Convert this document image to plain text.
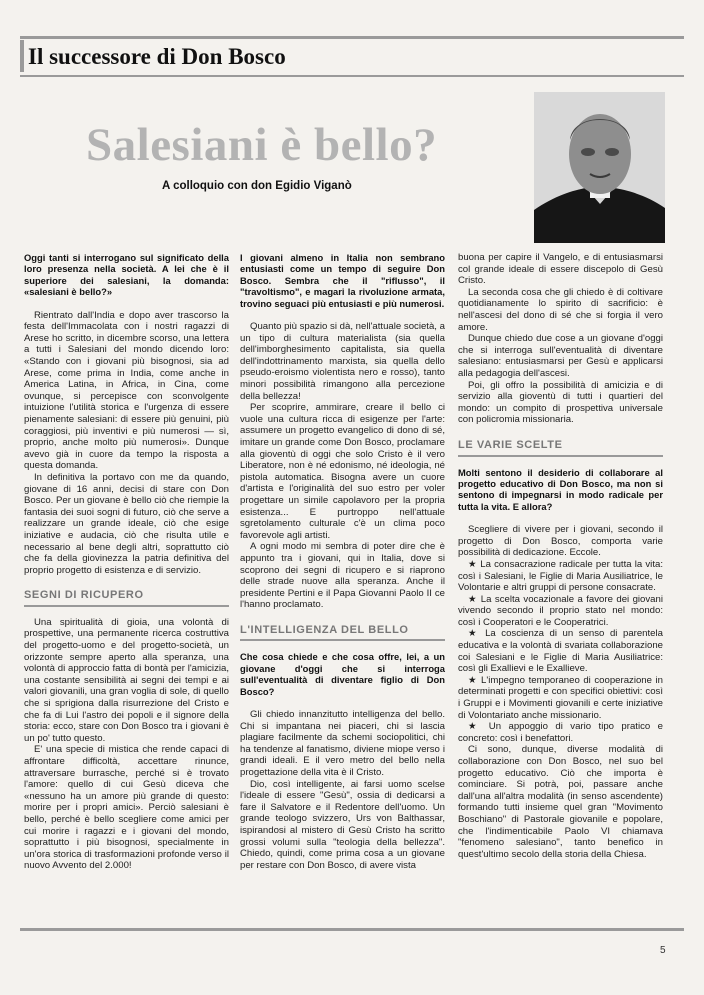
Il successore di Don Bosco
Salesiani è bello?
A colloquio con don Egidio Viganò

Oggi tanti si interrogano sul significato della loro presenza nella società. A lei che è il superiore dei salesiani, la domanda: «salesiani è bello?»

Rientrato dall'India e dopo aver trascorso la festa dell'Immacolata con i nostri ragazzi di Arese ho scritto, in dicembre scorso, una lettera a tutti i Salesiani del mondo dicendo loro: «Stando con i giovani più bisognosi, sia ad Arese, come prima in India, come anche in America Latina, in Africa, in Cina, come ovunque, si percepisce con sconvolgente intuizione l'utilità storica e l'urgenza di essere pienamente salesiani: di essere più genuini, più coraggiosi, più inventivi e più numerosi — sì, proprio, anche molto più numerosi». Dunque avevo già in cuore da tempo la risposta a questa domanda.

In definitiva la portavo con me da quando, giovane di 16 anni, decisi di stare con Don Bosco. Per un giovane è bello ciò che riempie la fantasia dei suoi sogni di futuro, ciò che serve a realizzare un grande ideale, ciò che esige iniziative e audacia, ciò che risulta utile e necessario al bene degli altri, soprattutto ciò che fa della giovinezza la patria definitiva del proprio progetto di esistenza e di servizio.

SEGNI DI RICUPERO

Una spiritualità di gioia, una volontà di prospettive, una permanente ricerca costruttiva del progetto-uomo e del progetto-società, un orizzonte sempre aperto alla speranza, una volontà di approccio fatta di bontà per l'amicizia, una costante sensibilità ai segni dei tempi e ai valori giovanili, una gran voglia di sole, di quello che si sprigiona dalla risurrezione del Cristo e che fa di Lui l'astro dei popoli e il signore della storia: ecco, stare con Don Bosco tra i giovani è un po' tutto questo.

E' una specie di mistica che rende capaci di affrontare difficoltà, accettare rinunce, attraversare burrasche, perché si è trovato l'amore: quello di cui Gesù diceva che «nessuno ha un amore più grande di questo: morire per i propri amici». Perciò salesiani è bello, perché è bello scegliere come amici per cui morire i ragazzi e i giovani del mondo, soprattutto i più bisognosi, specialmente in un'ora storica di trasformazioni profonde verso il nuovo Avvento del 2.000!

I giovani almeno in Italia non sembrano entusiasti come un tempo di seguire Don Bosco. Sembra che il "riflusso", il "travoltismo", e magari la rivoluzione armata, trovino seguaci più entusiasti e più numerosi.

Quanto più spazio si dà, nell'attuale società, a un tipo di cultura materialista (sia quella dell'imborghesimento capitalista, sia quella dell'indottrinamento marxista, sia quella dello pseudo-eroismo violentista nero e rosso), tanto minori possibilità rimangono alla percezione della bellezza!

Per scoprire, ammirare, creare il bello ci vuole una cultura ricca di esigenze per l'arte: assumere un progetto evangelico di dono di sé, imitare un grande come Don Bosco, proclamare alla gioventù di oggi che solo Cristo è il vero Liberatore, non è né edonismo, né ideologia, né pistola automatica. Bisogna avere un cuore d'artista e l'originalità del suo estro per voler progettare un simile capolavoro per la propria esistenza... E purtroppo nell'attuale sgretolamento culturale c'è un clima poco favorevole agli artisti.

A ogni modo mi sembra di poter dire che è appunto tra i giovani, qui in Italia, dove si scoprono dei segni di ricupero e si riaprono delle strade nuove alla speranza. Anche il presidente Pertini e il Papa Giovanni Paolo II ce l'hanno proclamato.

L'INTELLIGENZA DEL BELLO

Che cosa chiede e che cosa offre, lei, a un giovane d'oggi che si interroga sull'eventualità di diventare figlio di Don Bosco?

Gli chiedo innanzitutto intelligenza del bello. Chi si impantana nei piaceri, chi si lascia plagiare facilmente da schemi sociopolitici, chi ha tendenze al fanatismo, diviene miope verso i grandi ideali. E il vero metro del bello nella progettazione della vita è il Cristo.

Dio, così intelligente, ai farsi uomo scelse l'ideale di essere "Gesù", ossia di dedicarsi a fare il Salvatore e il Redentore dell'uomo. Un grande teologo svizzero, Urs von Balthassar, ispirandosi al mistero di Gesù Cristo ha scritto grossi volumi sulla "teologia della bellezza". Chiedo, quindi, come prima cosa a un giovane per restare con Don Bosco, di avere vista

buona per capire il Vangelo, e di entusiasmarsi col grande ideale di essere discepolo di Gesù Cristo.

La seconda cosa che gli chiedo è di coltivare quotidianamente lo spirito di sacrificio: è nell'ascesi del dono di sé che si forgia il vero amore.

Dunque chiedo due cose a un giovane d'oggi che si interroga sull'eventualità di diventare salesiano: entusiasmarsi per Gesù e applicarsi alla pedagogia dell'ascesi.

Poi, gli offro la possibilità di amicizia e di servizio alla gioventù di tutti i quartieri del mondo: un compito di prospettiva universale con policromia missionaria.

LE VARIE SCELTE

Molti sentono il desiderio di collaborare al progetto educativo di Don Bosco, ma non si sentono di impegnarsi in modo radicale per tutta la vita. E allora?

Scegliere di vivere per i giovani, secondo il progetto di Don Bosco, comporta varie possibilità di dedicazione. Eccole.

★ La consacrazione radicale per tutta la vita: così i Salesiani, le Figlie di Maria Ausiliatrice, le Volontarie e altri gruppi di persone consacrate.

★ La scelta vocazionale a favore dei giovani vivendo secondo il proprio stato nel mondo: così i Cooperatori e le Cooperatrici.

★ La coscienza di un senso di parentela educativa e la volontà di svariata collaborazione coi Salesiani e le Figlie di Maria Ausiliatrice: così gli Exallievi e le Exallieve.

★ L'impegno temporaneo di cooperazione in determinati progetti e con specifici obiettivi: così i Gruppi e i Movimenti giovanili e certe iniziative di Volontariato anche missionario.

★ Un appoggio di vario tipo pratico e concreto: così i benefattori.

Ci sono, dunque, diverse modalità di collaborazione con Don Bosco, nel suo bel progetto educativo. Ciò che importa è cominciare. Si potrà, poi, passare anche dall'una all'altra modalità (in senso ascendente) formando tutti insieme quel gran "Movimento Boschiano" di Pastorale giovanile e popolare, che l'indimenticabile Paolo VI chiamava "fenomeno salesiano", tanto benefico in quest'ultimo secolo della storia della Chiesa.

5
